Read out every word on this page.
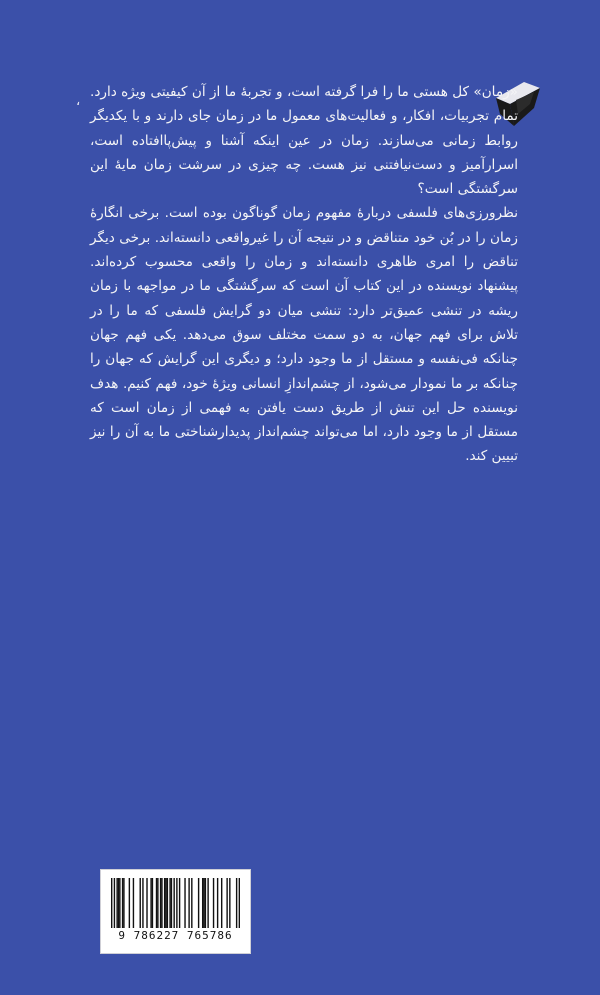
،

«زمان» کل هستی ما را فرا گرفته است، و تجربهٔ ما از آن کیفیتی ویژه دارد. تمام تجربیات، افکار، و فعالیت‌های معمول ما در زمان جای دارند و با یکدیگر روابط زمانی می‌سازند. زمان در عین اینکه آشنا و پیش‌پاافتاده است، اسرارآمیز و دست‌نیافتنی نیز هست. چه چیزی در سرشت زمان مایهٔ این سرگشتگی است؟

نظرورزی‌های فلسفی دربارهٔ مفهوم زمان گوناگون بوده است. برخی انگارهٔ زمان را در بُن خود متناقض و در نتیجه آن را غیرواقعی دانسته‌اند. برخی دیگر تناقض را امری ظاهری دانسته‌اند و زمان را واقعی محسوب کرده‌اند. پیشنهاد نویسنده در این کتاب آن است که سرگشتگی ما در مواجهه با زمان ریشه در تنشی عمیق‌تر دارد: تنشی میان دو گرایش فلسفی که ما را در تلاش برای فهم جهان، به دو سمت مختلف سوق می‌دهد. یکی فهم جهان چنانکه فی‌نفسه و مستقل از ما وجود دارد؛ و دیگری این گرایش که جهان را چنانکه بر ما نمودار می‌شود، از چشم‌اندازِ انسانی ویژهٔ خود، فهم کنیم. هدف نویسنده حل این تنش از طریق دست یافتن به فهمی از زمان است که مستقل از ما وجود دارد، اما می‌تواند چشم‌انداز پدیدارشناختی ما به آن را نیز تبیین کند.

9 786227 765786
